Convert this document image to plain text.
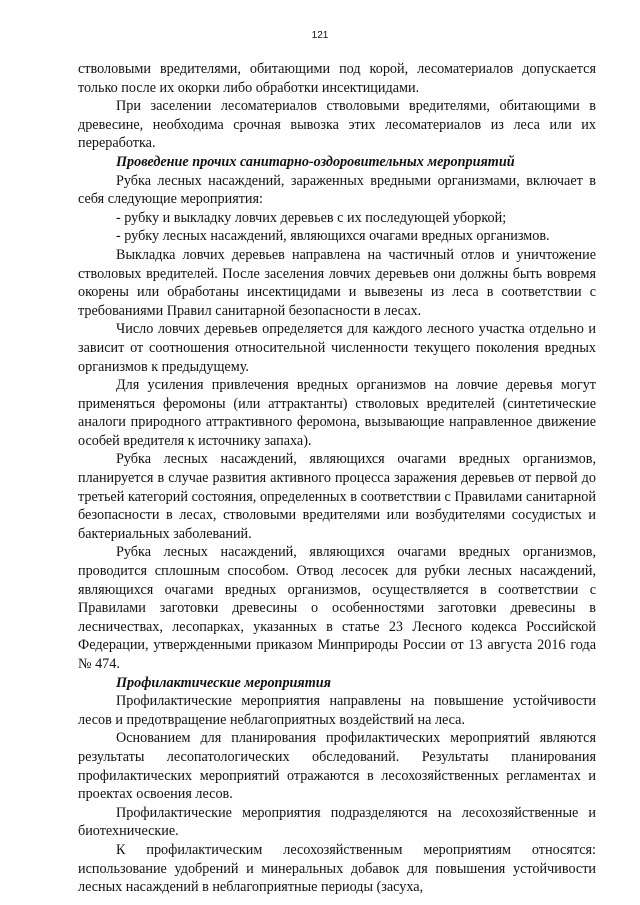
121

стволовыми вредителями, обитающими под корой, лесоматериалов допускается только после их окорки либо обработки инсектицидами.

При заселении лесоматериалов стволовыми вредителями, обитающими в древесине, необходима срочная вывозка этих лесоматериалов из леса или их переработка.

Проведение прочих санитарно-оздоровительных мероприятий

Рубка лесных насаждений, зараженных вредными организмами, включает в себя следующие мероприятия:

- рубку и выкладку ловчих деревьев с их последующей уборкой;

- рубку лесных насаждений, являющихся очагами вредных организмов.

Выкладка ловчих деревьев направлена на частичный отлов и уничтожение стволовых вредителей. После заселения ловчих деревьев они должны быть вовремя окорены или обработаны инсектицидами и вывезены из леса в соответствии с требованиями Правил санитарной безопасности в лесах.

Число ловчих деревьев определяется для каждого лесного участка отдельно и зависит от соотношения относительной численности текущего поколения вредных организмов к предыдущему.

Для усиления привлечения вредных организмов на ловчие деревья могут применяться феромоны (или аттрактанты) стволовых вредителей (синтетические аналоги природного аттрактивного феромона, вызывающие направленное движение особей вредителя к источнику запаха).

Рубка лесных насаждений, являющихся очагами вредных организмов, планируется в случае развития активного процесса заражения деревьев от первой до третьей категорий состояния, определенных в соответствии с Правилами санитарной безопасности в лесах, стволовыми вредителями или возбудителями сосудистых и бактериальных заболеваний.

Рубка лесных насаждений, являющихся очагами вредных организмов, проводится сплошным способом. Отвод лесосек для рубки лесных насаждений, являющихся очагами вредных организмов, осуществляется в соответствии с Правилами заготовки древесины о особенностями заготовки древесины в лесничествах, лесопарках, указанных в статье 23 Лесного кодекса Российской Федерации, утвержденными приказом Минприроды России от 13 августа 2016 года № 474.

Профилактические мероприятия

Профилактические мероприятия направлены на повышение устойчивости лесов и предотвращение неблагоприятных воздействий на леса.

Основанием для планирования профилактических мероприятий являются результаты лесопатологических обследований. Результаты планирования профилактических мероприятий отражаются в лесохозяйственных регламентах и проектах освоения лесов.

Профилактические мероприятия подразделяются на лесохозяйственные и биотехнические.

К профилактическим лесохозяйственным мероприятиям относятся: использование удобрений и минеральных добавок для повышения устойчивости лесных насаждений в неблагоприятные периоды (засуха,
